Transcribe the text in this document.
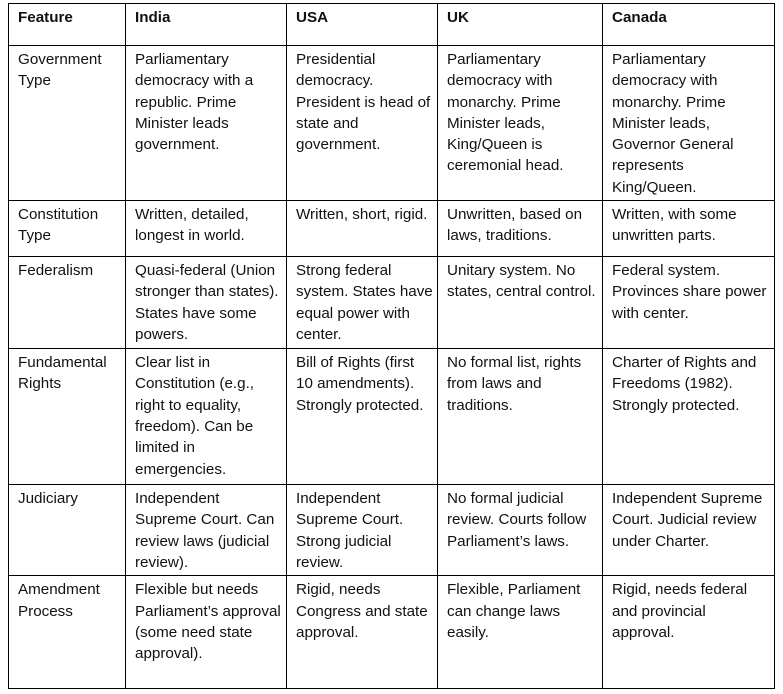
Feature	India	USA	UK	Canada
Government Type	Parliamentary democracy with a republic. Prime Minister leads government.	Presidential democracy. President is head of state and government.	Parliamentary democracy with monarchy. Prime Minister leads, King/Queen is ceremonial head.	Parliamentary democracy with monarchy. Prime Minister leads, Governor General represents King/Queen.
Constitution Type	Written, detailed, longest in world.	Written, short, rigid.	Unwritten, based on laws, traditions.	Written, with some unwritten parts.
Federalism	Quasi-federal (Union stronger than states). States have some powers.	Strong federal system. States have equal power with center.	Unitary system. No states, central control.	Federal system. Provinces share power with center.
Fundamental Rights	Clear list in Constitution (e.g., right to equality, freedom). Can be limited in emergencies.	Bill of Rights (first 10 amendments). Strongly protected.	No formal list, rights from laws and traditions.	Charter of Rights and Freedoms (1982). Strongly protected.
Judiciary	Independent Supreme Court. Can review laws (judicial review).	Independent Supreme Court. Strong judicial review.	No formal judicial review. Courts follow Parliament’s laws.	Independent Supreme Court. Judicial review under Charter.
Amendment Process	Flexible but needs Parliament’s approval (some need state approval).	Rigid, needs Congress and state approval.	Flexible, Parliament can change laws easily.	Rigid, needs federal and provincial approval.
